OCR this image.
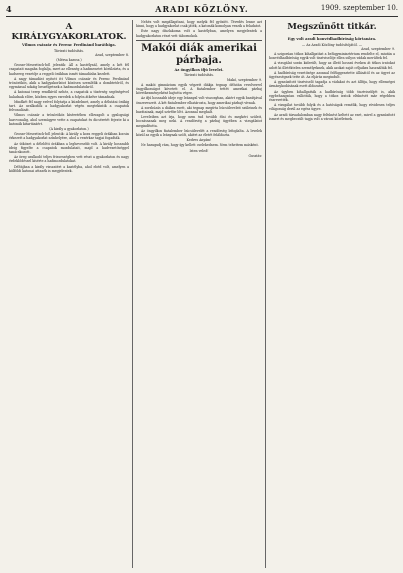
4	ARADI KÖZLÖNY.	1909. szeptember 10.
A KIRÁLYGYAKORLATOK.
Vilmos császár és Ferenc Ferdinánd baráthiga.

Távirati tudósítás.

Arad, szeptember 8.

(Mérsa karosz.)

Grosse-Meseritsch-ből jelentik: Áll a kastélynál, amely a két fél csapatait magaba foglalja, mert az ellenség a hadmenetet körülzárta, és a hadsereg vezetője a reggeli órákban ismét támadásba kezdett.

A nagy támadást nyitott itt Vilmos császár és Ferenc Ferdinánd trónörökös, akik a hadgyakorlatot közösen szemlélik a dombtetőről, és egymással sokáig beszélgetnek a hadmozdulatokról.

A katonai terep rendkívül nehéz, a csapatok a tüzérség segítségével haladnak előre, közben egyes ezredek a folyón átkelve támadnak.

Mindkét fél nagy erővel folytatja a küzdelmet, amely a délutáni órákig tart. Az uralkodók a hadgyakorlat végén megtekintik a csapatok felvonulását.

Vilmos császár a trónörökös kíséretében ellovagolt a gyalogsági harcvonalig, ahol szemügyre vette a csapatokat és dicséretét fejezte ki a katonák kitartásáért.

(A király a gyakorlaton.)

Grosse-Meseritsch-ből jelentik: A király a kora reggeli órákban kocsin érkezett a hadgyakorlat színhelyére, ahol a vezérkar tagjai fogadták.

Az ütközet a délelőtti órákban a leghevesebb volt. A király hosszabb ideig figyelte a csapatok mozdulatait, majd a hadvezetőséggel tanácskozott.

Az öreg uralkodó teljes frissességben vett részt a gyakorlaton és nagy érdeklődéssel kísérte a hadmozdulatokat.

Déltájban a király visszatért a kastélyba, ahol ebéd volt, amelyen a külföldi katonai attasék is megjelentek.

Nehéz volt megállapítani, hogy melyik fél győzött. Tévedés lenne azt hinni, hogy a hadgyakorlat csak játék, a katonák komolyan veszik a feladatot.

Este nagy díszlakoma volt a kastélyban, amelyen megjelentek a hadgyakorlaton részt vett tábornokok.

Makói diák amerikai párbaja.
Az öngyilkos ifjú levelei.

Távirati tudósítás.

Makó, szeptember 9.

A makói gimnázium egyik végzett diákja tegnap délután revolverrel öngyilkosságot követett el. A fiatalember tettét amerikai párbaj következményeként hajtotta végre.

Az ifjú hosszabb ideje egy leánnyal volt viszonyban, akiért egyik barátjával összeveszett. A két fiatalember elhatározta, hogy amerikai párbajt vívnak.

A sorshúzás a diákra esett, aki tegnap megírta búcsúleveleit szüleinek és barátainak, majd szívébe lőtt. Azonnal meghalt.

Leveleiben azt írja, hogy nem tud tovább élni és megkéri szüleit, bocsássanak meg neki. A rendőrség a párbaj ügyében a vizsgálatot megindította.

Az öngyilkos fiatalember búcsúlevelét a rendőrség lefoglalta. A levelek közül az egyik a leánynak szólt, akiért az életét feláldozta.

Kedves Anyám!

Ne haragudj rám, hogy így kellett cselekednem. Nem tehettem másként.

Isten veled!

Gusztáv.

Megszűnőtt titkár.
Egy volt aradi honvédhadbíróság körtanára.

— Az Aradi Közlöny tudósítójától. —

Arad, szeptember 9.

A szigorúan titkos kihallgatást a belügyminisztérium rendelte el, miután a honvédhadbíróság egyik volt tisztviselője ellen súlyos vádak merültek fel.

A vizsgálat során kiderült, hogy az illető hosszú éveken át titkos iratokat adott ki illetéktelen személyeknek, akik azokat saját céljaikra használták fel.

A hadbíróság vezetősége azonnal felfüggesztette állásától és az ügyet az ügyészségnek tette át. Az eljárás megindult.

A gyanúsított tisztviselő tagadja a vádakat és azt állítja, hogy ellenségei ármánykodásának esett áldozatul.

Az ügyben kihallgatták a hadbíróság több tisztviselőjét is, akik egybehangzóan vallották, hogy a titkos iratok eltűnését már régebben észrevették.

A vizsgálat tovább folyik és a hatóságok remélik, hogy rövidesen teljes világosság derül az egész ügyre.

Az aradi társadalomban nagy feltűnést keltett az eset, mivel a gyanúsított ismert és megbecsült tagja volt a városi közéletnek.
